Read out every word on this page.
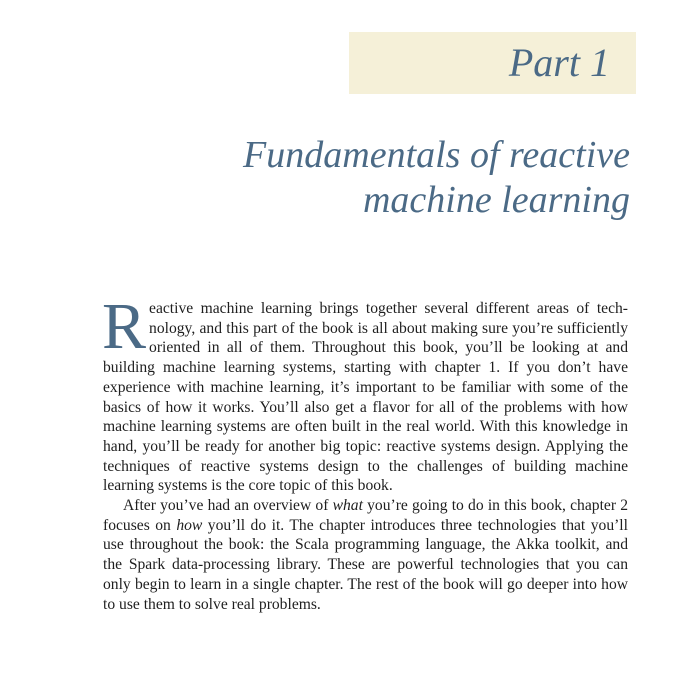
Part 1
Fundamentals of reactive
machine learning

Reactive machine learning brings together several different areas of technology, and this part of the book is all about making sure you’re sufficiently oriented in all of them. Throughout this book, you’ll be looking at and building machine learning systems, starting with chapter 1. If you don’t have experience with machine learning, it’s important to be familiar with some of the basics of how it works. You’ll also get a flavor for all of the problems with how machine learning systems are often built in the real world. With this knowledge in hand, you’ll be ready for another big topic: reactive systems design. Applying the techniques of reactive systems design to the challenges of building machine learning systems is the core topic of this book.

After you’ve had an overview of what you’re going to do in this book, chapter 2 focuses on how you’ll do it. The chapter introduces three technologies that you’ll use throughout the book: the Scala programming language, the Akka toolkit, and the Spark data-processing library. These are powerful technologies that you can only begin to learn in a single chapter. The rest of the book will go deeper into how to use them to solve real problems.
